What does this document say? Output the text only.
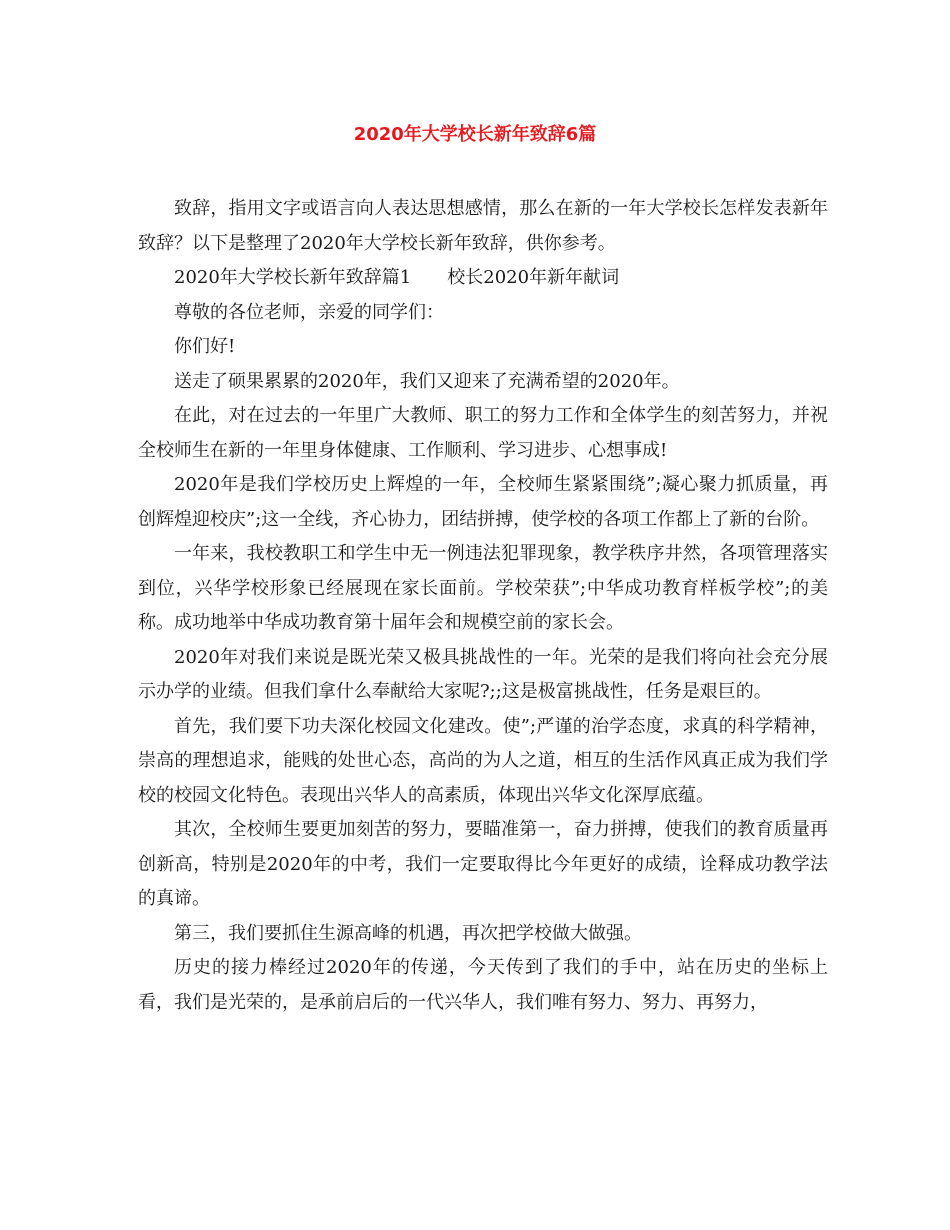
2020年大学校长新年致辞6篇

致辞，指用文字或语言向人表达思想感情，那么在新的一年大学校长怎样发表新年致辞？以下是整理了2020年大学校长新年致辞，供你参考。

2020年大学校长新年致辞篇1　　校长2020年新年献词

尊敬的各位老师，亲爱的同学们：

你们好!

送走了硕果累累的2020年，我们又迎来了充满希望的2020年。

在此，对在过去的一年里广大教师、职工的努力工作和全体学生的刻苦努力，并祝全校师生在新的一年里身体健康、工作顺利、学习进步、心想事成!

2020年是我们学校历史上辉煌的一年，全校师生紧紧围绕”;凝心聚力抓质量，再创辉煌迎校庆”;这一全线，齐心协力，团结拼搏，使学校的各项工作都上了新的台阶。

一年来，我校教职工和学生中无一例违法犯罪现象，教学秩序井然，各项管理落实到位，兴华学校形象已经展现在家长面前。学校荣获”;中华成功教育样板学校”;的美称。成功地举中华成功教育第十届年会和规模空前的家长会。

2020年对我们来说是既光荣又极具挑战性的一年。光荣的是我们将向社会充分展示办学的业绩。但我们拿什么奉献给大家呢?;;这是极富挑战性，任务是艰巨的。

首先，我们要下功夫深化校园文化建改。使”;严谨的治学态度，求真的科学精神，崇高的理想追求，能贱的处世心态，高尚的为人之道，相互的生活作风真正成为我们学校的校园文化特色。表现出兴华人的高素质，体现出兴华文化深厚底蕴。

其次，全校师生要更加刻苦的努力，要瞄准第一，奋力拼搏，使我们的教育质量再创新高，特别是2020年的中考，我们一定要取得比今年更好的成绩，诠释成功教学法的真谛。

第三，我们要抓住生源高峰的机遇，再次把学校做大做强。

历史的接力棒经过2020年的传递，今天传到了我们的手中，站在历史的坐标上看，我们是光荣的，是承前启后的一代兴华人，我们唯有努力、努力、再努力，
